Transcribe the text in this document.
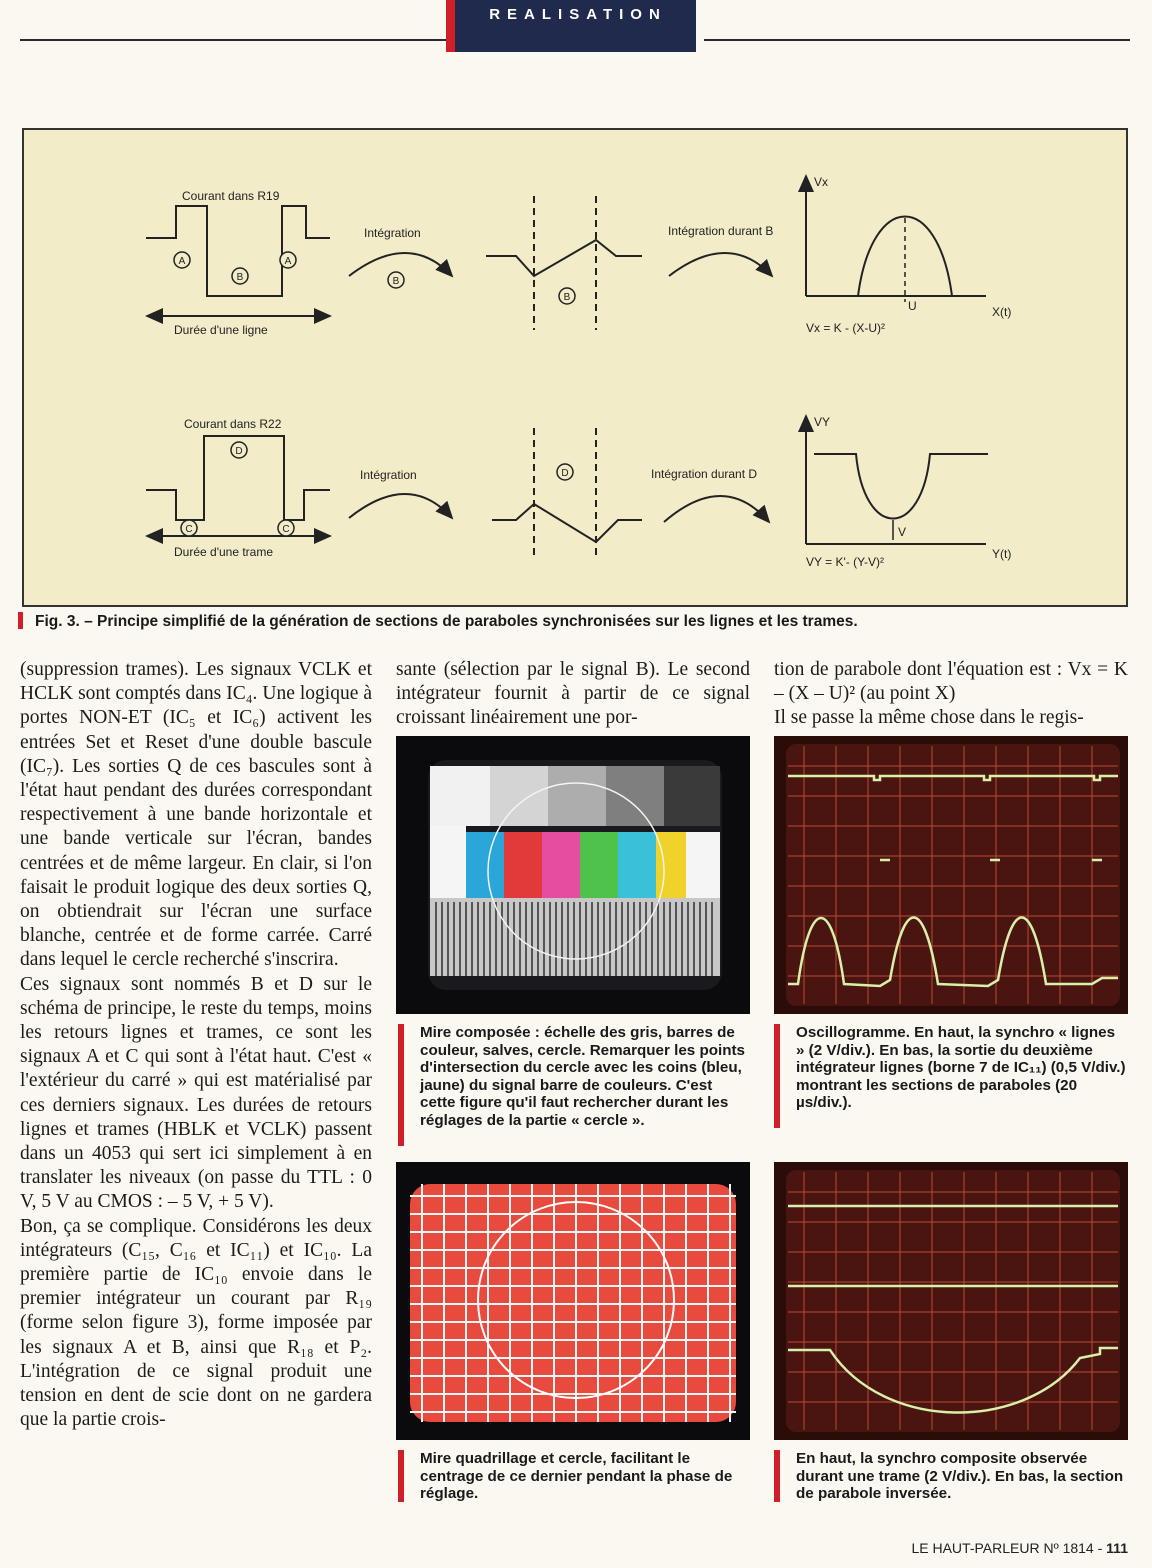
REALISATION
A
B
A
B
B
D
C	C
D
Courant dans R19
Durée d'une ligne
Intégration	Intégration durant B
Vx
X(t)
U
Vx = K - (X-U)²
Courant dans R22
Durée d'une trame
Intégration	Intégration durant D
VY
Y(t)
V
VY = K'- (Y-V)²
Fig. 3. – Principe simplifié de la génération de sections de paraboles synchronisées sur les lignes et les trames.

(suppression trames). Les signaux VCLK et HCLK sont comptés dans IC₄. Une logique à portes NON-ET (IC₅ et IC₆) activent les entrées Set et Reset d'une double bascule (IC₇). Les sorties Q de ces bascules sont à l'état haut pendant des durées correspondant respectivement à une bande horizontale et une bande verticale sur l'écran, bandes centrées et de même largeur. En clair, si l'on faisait le produit logique des deux sorties Q, on obtiendrait sur l'écran une surface blanche, centrée et de forme carrée. Carré dans lequel le cercle recherché s'inscrira.

Ces signaux sont nommés B et D sur le schéma de principe, le reste du temps, moins les retours lignes et trames, ce sont les signaux A et C qui sont à l'état haut. C'est « l'extérieur du carré » qui est matérialisé par ces derniers signaux. Les durées de retours lignes et trames (HBLK et VCLK) passent dans un 4053 qui sert ici simplement à en translater les niveaux (on passe du TTL : 0 V, 5 V au CMOS : – 5 V, + 5 V).

Bon, ça se complique. Considérons les deux intégrateurs (C₁₅, C₁₆ et IC₁₁) et IC₁₀. La première partie de IC₁₀ envoie dans le premier intégrateur un courant par R₁₉ (forme selon figure 3), forme imposée par les signaux A et B, ainsi que R₁₈ et P₂. L'intégration de ce signal produit une tension en dent de scie dont on ne gardera que la partie crois-

sante (sélection par le signal B). Le second intégrateur fournit à partir de ce signal croissant linéairement une por-

tion de parabole dont l'équation est : Vx = K – (X – U)² (au point X)

Il se passe la même chose dans le regis-

Mire composée : échelle des gris, barres de couleur, salves, cercle. Remarquer les points d'intersection du cercle avec les coins (bleu, jaune) du signal barre de couleurs. C'est cette figure qu'il faut rechercher durant les réglages de la partie « cercle ».
Oscillogramme. En haut, la synchro « lignes » (2 V/div.). En bas, la sortie du deuxième intégrateur lignes (borne 7 de IC₁₁) (0,5 V/div.) montrant les sections de paraboles (20 µs/div.).
Mire quadrillage et cercle, facilitant le centrage de ce dernier pendant la phase de réglage.
En haut, la synchro composite observée durant une trame (2 V/div.). En bas, la section de parabole inversée.
LE HAUT-PARLEUR Nº 1814 - 111
